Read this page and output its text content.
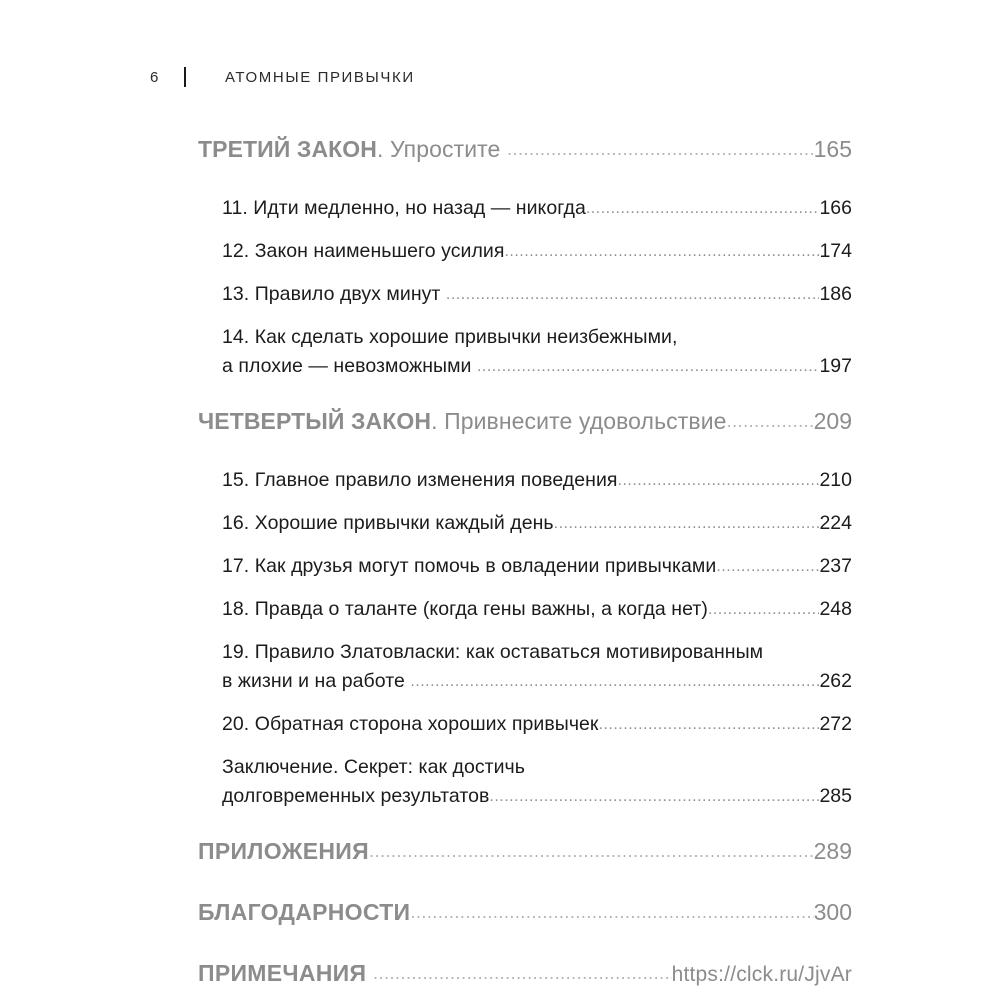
6	АТОМНЫЕ ПРИВЫЧКИ
ТРЕТИЙ ЗАКОН. Упростите .....	165
11. Идти медленно, но назад — никогда .....	166
12. Закон наименьшего усилия .....	174
13. Правило двух минут .....	186
14. Как сделать хорошие привычки неизбежными,
а плохие — невозможными .....	197
ЧЕТВЕРТЫЙ ЗАКОН. Привнесите удовольствие .....	209
15. Главное правило изменения поведения .....	210
16. Хорошие привычки каждый день .....	224
17. Как друзья могут помочь в овладении привычками .....	237
18. Правда о таланте (когда гены важны, а когда нет) .....	248
19. Правило Златовласки: как оставаться мотивированным
в жизни и на работе .....	262
20. Обратная сторона хороших привычек .....	272
Заключение. Секрет: как достичь
долговременных результатов .....	285
ПРИЛОЖЕНИЯ .....	289
БЛАГОДАРНОСТИ .....	300
ПРИМЕЧАНИЯ .....	https://clck.ru/JjvAr
